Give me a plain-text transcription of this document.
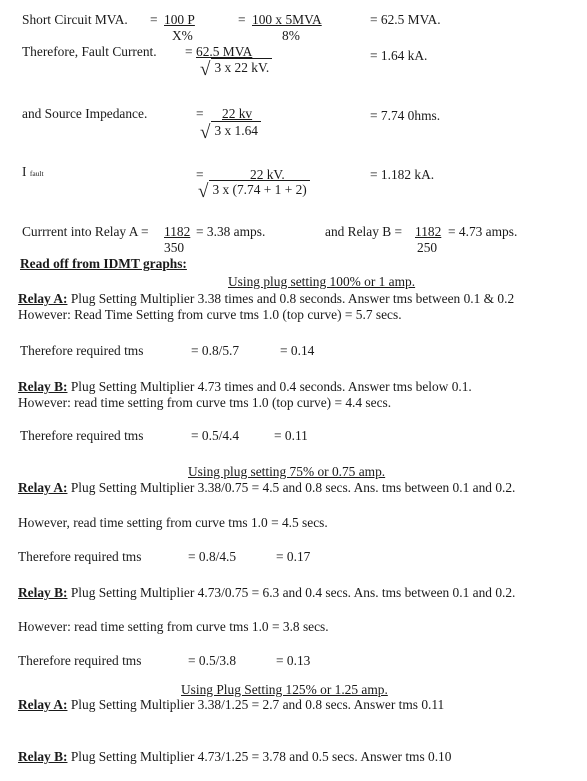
Short Circuit MVA. = 100 P
X%
= 100 x 5MVA
8%
= 62.5 MVA.
Therefore, Fault Current. = 62.5 MVA
√ 3 x 22 kV.
= 1.64 kA.
and Source Impedance.	= 22 kv
√ 3 x 1.64
= 7.74 0hms.
I fault	=	22 kV.
√ 3 x (7.74 + 1 + 2)
= 1.182 kA.
Currrent into Relay A = 1182
350
= 3.38 amps.	and Relay B = 1182
250
= 4.73 amps.
Read off from IDMT graphs:
Using plug setting 100% or 1 amp.
Relay A: Plug Setting Multiplier 3.38 times and 0.8 seconds. Answer tms between 0.1 & 0.2
However: Read Time Setting from curve tms 1.0 (top curve) = 5.7 secs.
Therefore required tms	= 0.8/5.7	= 0.14
Relay B: Plug Setting Multiplier 4.73 times and 0.4 seconds. Answer tms below 0.1.
However: read time setting from curve tms 1.0 (top curve) = 4.4 secs.
Therefore required tms	= 0.5/4.4	= 0.11
Using plug setting 75% or 0.75 amp.
Relay A: Plug Setting Multiplier 3.38/0.75 = 4.5 and 0.8 secs. Ans. tms between 0.1 and 0.2.
However, read time setting from curve tms 1.0 = 4.5 secs.
Therefore required tms	= 0.8/4.5	= 0.17
Relay B: Plug Setting Multiplier 4.73/0.75 = 6.3 and 0.4 secs. Ans. tms between 0.1 and 0.2.
However: read time setting from curve tms 1.0 = 3.8 secs.
Therefore required tms	= 0.5/3.8	= 0.13
Using Plug Setting 125% or 1.25 amp.
Relay A: Plug Setting Multiplier 3.38/1.25 = 2.7 and 0.8 secs. Answer tms 0.11
Relay B: Plug Setting Multiplier 4.73/1.25 = 3.78 and 0.5 secs. Answer tms 0.10
